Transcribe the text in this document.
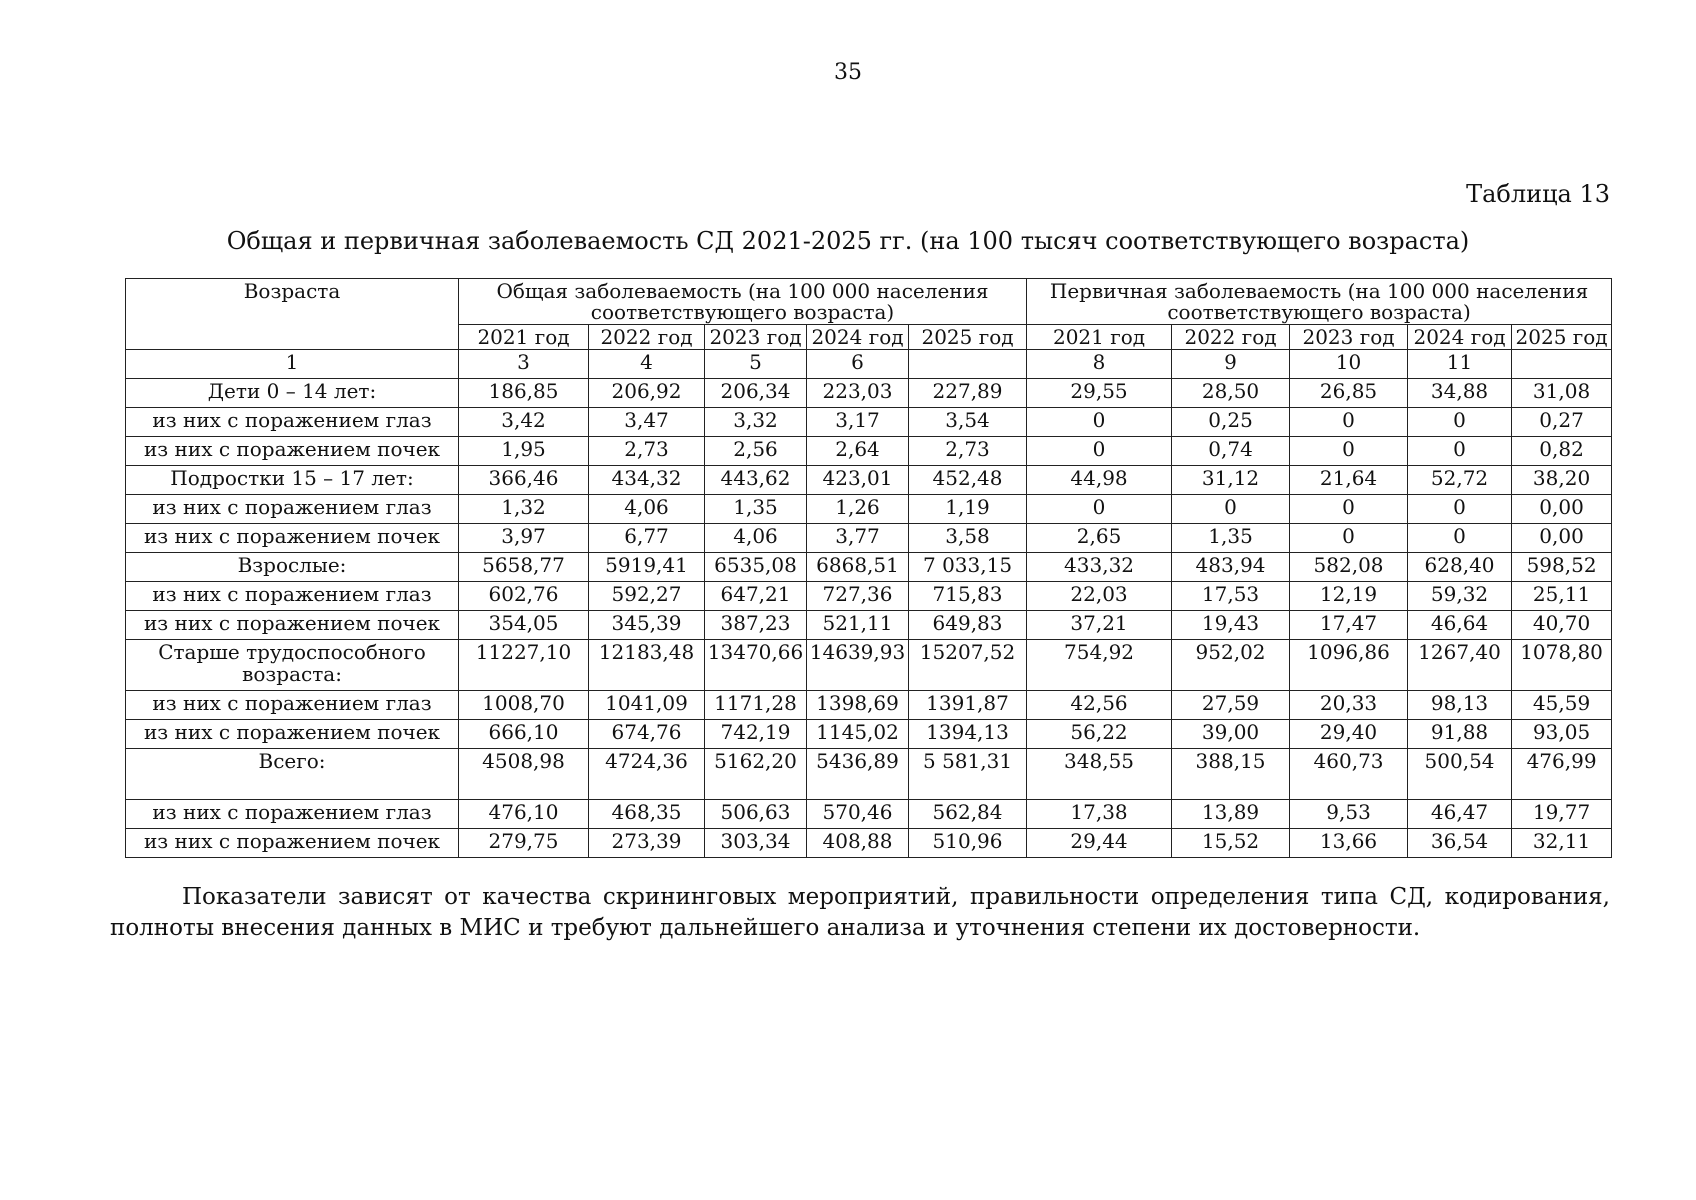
35
Таблица 13
Общая и первичная заболеваемость СД 2021-2025 гг. (на 100 тысяч соответствующего возраста)
Возраста	Общая заболеваемость (на 100 000 населения соответствующего возраста)					Первичная заболеваемость (на 100 000 населения соответствующего возраста)				
	2021 год	2022 год	2023 год	2024 год	2025 год	2021 год	2022 год	2023 год	2024 год	2025 год
1	3	4	5	6		8	9	10	11	
Дети 0 – 14 лет:	186,85	206,92	206,34	223,03	227,89	29,55	28,50	26,85	34,88	31,08
из них с поражением глаз	3,42	3,47	3,32	3,17	3,54	0	0,25	0	0	0,27
из них с поражением почек	1,95	2,73	2,56	2,64	2,73	0	0,74	0	0	0,82
Подростки 15 – 17 лет:	366,46	434,32	443,62	423,01	452,48	44,98	31,12	21,64	52,72	38,20
из них с поражением глаз	1,32	4,06	1,35	1,26	1,19	0	0	0	0	0,00
из них с поражением почек	3,97	6,77	4,06	3,77	3,58	2,65	1,35	0	0	0,00
Взрослые:	5658,77	5919,41	6535,08	6868,51	7 033,15	433,32	483,94	582,08	628,40	598,52
из них с поражением глаз	602,76	592,27	647,21	727,36	715,83	22,03	17,53	12,19	59,32	25,11
из них с поражением почек	354,05	345,39	387,23	521,11	649,83	37,21	19,43	17,47	46,64	40,70
Старше трудоспособного возраста:	11227,10	12183,48	13470,66	14639,93	15207,52	754,92	952,02	1096,86	1267,40	1078,80
из них с поражением глаз	1008,70	1041,09	1171,28	1398,69	1391,87	42,56	27,59	20,33	98,13	45,59
из них с поражением почек	666,10	674,76	742,19	1145,02	1394,13	56,22	39,00	29,40	91,88	93,05
Всего:	4508,98	4724,36	5162,20	5436,89	5 581,31	348,55	388,15	460,73	500,54	476,99
из них с поражением глаз	476,10	468,35	506,63	570,46	562,84	17,38	13,89	9,53	46,47	19,77
из них с поражением почек	279,75	273,39	303,34	408,88	510,96	29,44	15,52	13,66	36,54	32,11
Показатели зависят от качества скрининговых мероприятий, правильности определения типа СД, кодирования, полноты внесения данных в МИС и требуют дальнейшего анализа и уточнения степени их достоверности.
